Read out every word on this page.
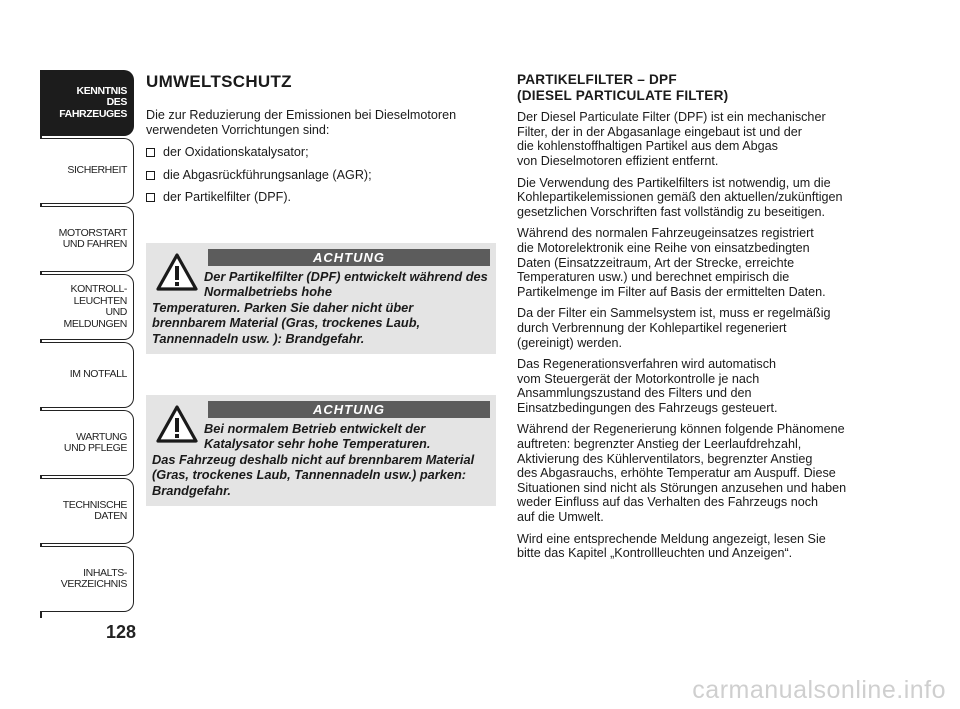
KENNTNIS
DES FAHRZEUGES
SICHERHEIT
MOTORSTART
UND FAHREN
KONTROLL-
LEUCHTEN
UND MELDUNGEN
IM NOTFALL
WARTUNG
UND PFLEGE
TECHNISCHE
DATEN
INHALTS-
VERZEICHNIS
128
UMWELTSCHUTZ
Die zur Reduzierung der Emissionen bei Dieselmotoren verwendeten Vorrichtungen sind:
der Oxidationskatalysator;
die Abgasrückführungsanlage (AGR);
der Partikelfilter (DPF).
ACHTUNG
Der Partikelfilter (DPF) entwickelt während des Normalbetriebs hohe
Temperaturen. Parken Sie daher nicht über brennbarem Material (Gras, trockenes Laub, Tannennadeln usw. ): Brandgefahr.
ACHTUNG
Bei normalem Betrieb entwickelt der Katalysator sehr hohe Temperaturen.
Das Fahrzeug deshalb nicht auf brennbarem Material (Gras, trockenes Laub, Tannennadeln usw.) parken: Brandgefahr.
PARTIKELFILTER – DPF
(DIESEL PARTICULATE FILTER)

Der Diesel Particulate Filter (DPF) ist ein mechanischer
Filter, der in der Abgasanlage eingebaut ist und der
die kohlenstoffhaltigen Partikel aus dem Abgas
von Dieselmotoren effizient entfernt.

Die Verwendung des Partikelfilters ist notwendig, um die
Kohlepartikelemissionen gemäß den aktuellen/zukünftigen
gesetzlichen Vorschriften fast vollständig zu beseitigen.

Während des normalen Fahrzeugeinsatzes registriert
die Motorelektronik eine Reihe von einsatzbedingten
Daten (Einsatzzeitraum, Art der Strecke, erreichte
Temperaturen usw.) und berechnet empirisch die
Partikelmenge im Filter auf Basis der ermittelten Daten.

Da der Filter ein Sammelsystem ist, muss er regelmäßig
durch Verbrennung der Kohlepartikel regeneriert
(gereinigt) werden.

Das Regenerationsverfahren wird automatisch
vom Steuergerät der Motorkontrolle je nach
Ansammlungszustand des Filters und den
Einsatzbedingungen des Fahrzeugs gesteuert.

Während der Regenerierung können folgende Phänomene
auftreten: begrenzter Anstieg der Leerlaufdrehzahl,
Aktivierung des Kühlerventilators, begrenzter Anstieg
des Abgasrauchs, erhöhte Temperatur am Auspuff. Diese
Situationen sind nicht als Störungen anzusehen und haben
weder Einfluss auf das Verhalten des Fahrzeugs noch
auf die Umwelt.

Wird eine entsprechende Meldung angezeigt, lesen Sie
bitte das Kapitel „Kontrollleuchten und Anzeigen“.

carmanualsonline.info
